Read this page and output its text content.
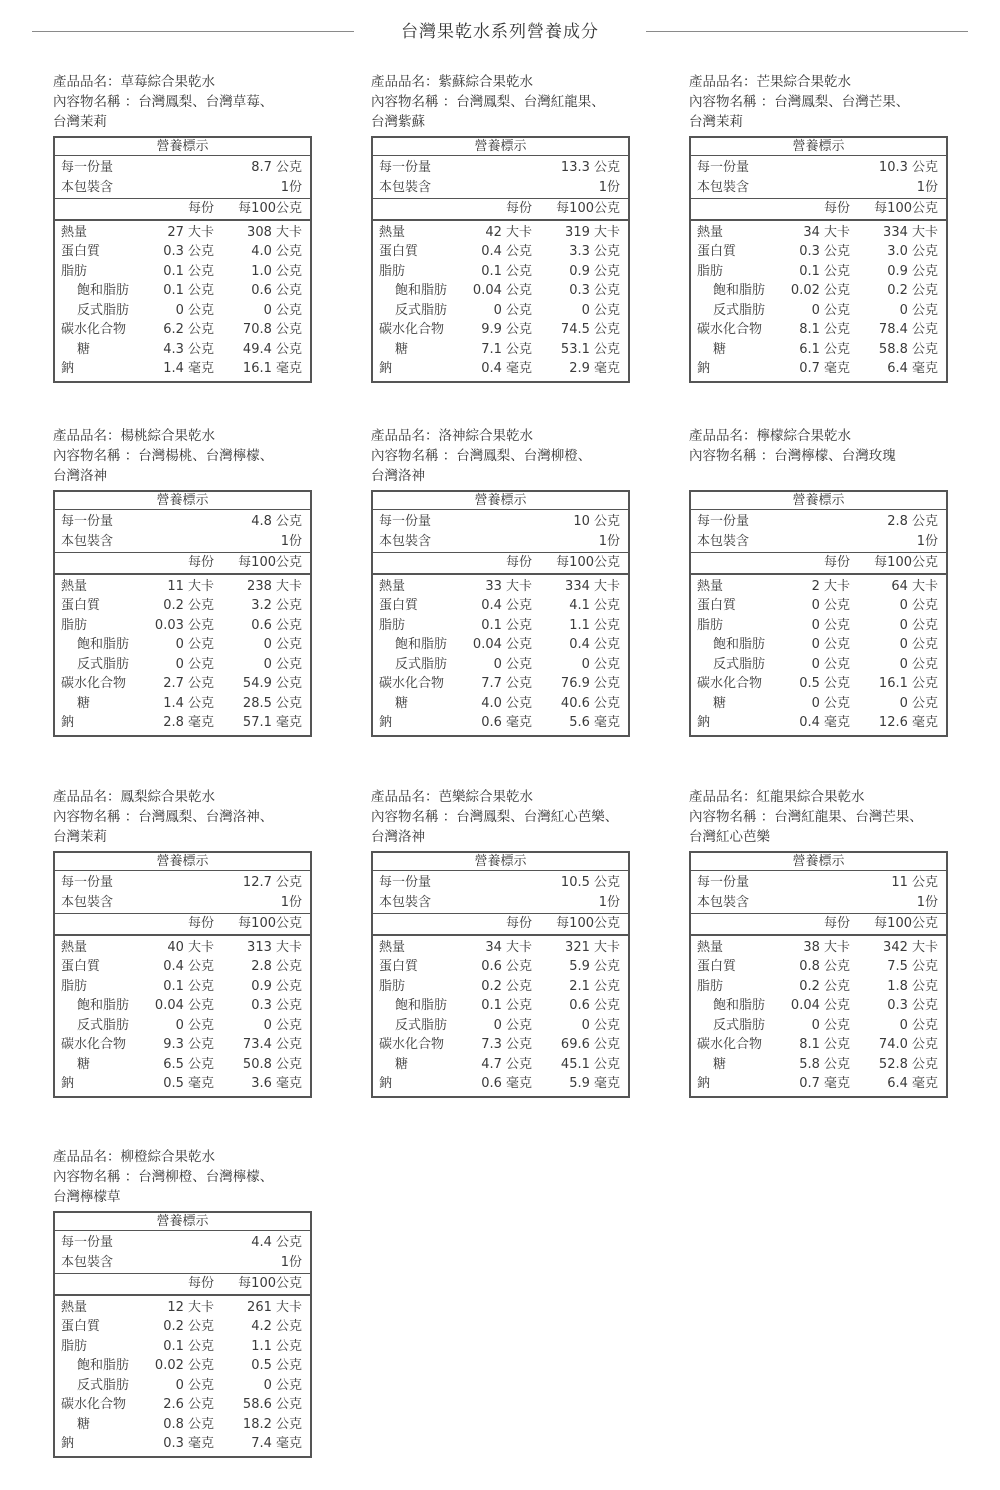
台灣果乾水系列營養成分
產品品名：草莓綜合果乾水
內容物名稱 ：台灣鳳梨、台灣草莓、
台灣茉莉
營養標示
每一份量	8.7 公克
本包裝含	1份
每份 每100公克
熱量	27 大卡	308 大卡
蛋白質	0.3 公克	4.0 公克
脂肪	0.1 公克	1.0 公克
飽和脂肪	0.1 公克	0.6 公克
反式脂肪	0 公克	0 公克
碳水化合物	6.2 公克 70.8 公克
糖	4.3 公克 49.4 公克
鈉	1.4 毫克 16.1 毫克
產品品名：紫蘇綜合果乾水
內容物名稱 ：台灣鳳梨、台灣紅龍果、
台灣紫蘇
營養標示
每一份量	13.3 公克
本包裝含	1份
每份 每100公克
熱量	42 大卡	319 大卡
蛋白質	0.4 公克	3.3 公克
脂肪	0.1 公克	0.9 公克
飽和脂肪 0.04 公克	0.3 公克
反式脂肪	0 公克	0 公克
碳水化合物	9.9 公克 74.5 公克
糖	7.1 公克 53.1 公克
鈉	0.4 毫克	2.9 毫克
產品品名：芒果綜合果乾水
內容物名稱 ：台灣鳳梨、台灣芒果、
台灣茉莉
營養標示
每一份量	10.3 公克
本包裝含	1份
每份 每100公克
熱量	34 大卡	334 大卡
蛋白質	0.3 公克	3.0 公克
脂肪	0.1 公克	0.9 公克
飽和脂肪 0.02 公克	0.2 公克
反式脂肪	0 公克	0 公克
碳水化合物	8.1 公克 78.4 公克
糖	6.1 公克 58.8 公克
鈉	0.7 毫克	6.4 毫克
產品品名：楊桃綜合果乾水
內容物名稱 ：台灣楊桃、台灣檸檬、
台灣洛神
營養標示
每一份量	4.8 公克
本包裝含	1份
每份 每100公克
熱量	11 大卡	238 大卡
蛋白質	0.2 公克	3.2 公克
脂肪	0.03 公克	0.6 公克
飽和脂肪	0 公克	0 公克
反式脂肪	0 公克	0 公克
碳水化合物	2.7 公克 54.9 公克
糖	1.4 公克 28.5 公克
鈉	2.8 毫克 57.1 毫克
產品品名：洛神綜合果乾水
內容物名稱 ：台灣鳳梨、台灣柳橙、
台灣洛神
營養標示
每一份量	10 公克
本包裝含	1份
每份 每100公克
熱量	33 大卡	334 大卡
蛋白質	0.4 公克	4.1 公克
脂肪	0.1 公克	1.1 公克
飽和脂肪 0.04 公克	0.4 公克
反式脂肪	0 公克	0 公克
碳水化合物	7.7 公克 76.9 公克
糖	4.0 公克 40.6 公克
鈉	0.6 毫克	5.6 毫克
產品品名：檸檬綜合果乾水
內容物名稱 ：台灣檸檬、台灣玫瑰
營養標示
每一份量	2.8 公克
本包裝含	1份
每份 每100公克
熱量	2 大卡	64 大卡
蛋白質	0 公克	0 公克
脂肪	0 公克	0 公克
飽和脂肪	0 公克	0 公克
反式脂肪	0 公克	0 公克
碳水化合物	0.5 公克 16.1 公克
糖	0 公克	0 公克
鈉	0.4 毫克 12.6 毫克
產品品名：鳳梨綜合果乾水
內容物名稱 ：台灣鳳梨、台灣洛神、
台灣茉莉
營養標示
每一份量	12.7 公克
本包裝含	1份
每份 每100公克
熱量	40 大卡	313 大卡
蛋白質	0.4 公克	2.8 公克
脂肪	0.1 公克	0.9 公克
飽和脂肪 0.04 公克	0.3 公克
反式脂肪	0 公克	0 公克
碳水化合物	9.3 公克 73.4 公克
糖	6.5 公克 50.8 公克
鈉	0.5 毫克	3.6 毫克
產品品名：芭樂綜合果乾水
內容物名稱 ：台灣鳳梨、台灣紅心芭樂、
台灣洛神
營養標示
每一份量	10.5 公克
本包裝含	1份
每份 每100公克
熱量	34 大卡	321 大卡
蛋白質	0.6 公克	5.9 公克
脂肪	0.2 公克	2.1 公克
飽和脂肪	0.1 公克	0.6 公克
反式脂肪	0 公克	0 公克
碳水化合物	7.3 公克 69.6 公克
糖	4.7 公克 45.1 公克
鈉	0.6 毫克	5.9 毫克
產品品名：紅龍果綜合果乾水
內容物名稱 ：台灣紅龍果、台灣芒果、
台灣紅心芭樂
營養標示
每一份量	11 公克
本包裝含	1份
每份 每100公克
熱量	38 大卡	342 大卡
蛋白質	0.8 公克	7.5 公克
脂肪	0.2 公克	1.8 公克
飽和脂肪 0.04 公克	0.3 公克
反式脂肪	0 公克	0 公克
碳水化合物	8.1 公克 74.0 公克
糖	5.8 公克 52.8 公克
鈉	0.7 毫克	6.4 毫克
產品品名：柳橙綜合果乾水
內容物名稱 ：台灣柳橙、台灣檸檬、
台灣檸檬草
營養標示
每一份量	4.4 公克
本包裝含	1份
每份 每100公克
熱量	12 大卡	261 大卡
蛋白質	0.2 公克	4.2 公克
脂肪	0.1 公克	1.1 公克
飽和脂肪 0.02 公克	0.5 公克
反式脂肪	0 公克	0 公克
碳水化合物	2.6 公克 58.6 公克
糖	0.8 公克 18.2 公克
鈉	0.3 毫克	7.4 毫克
